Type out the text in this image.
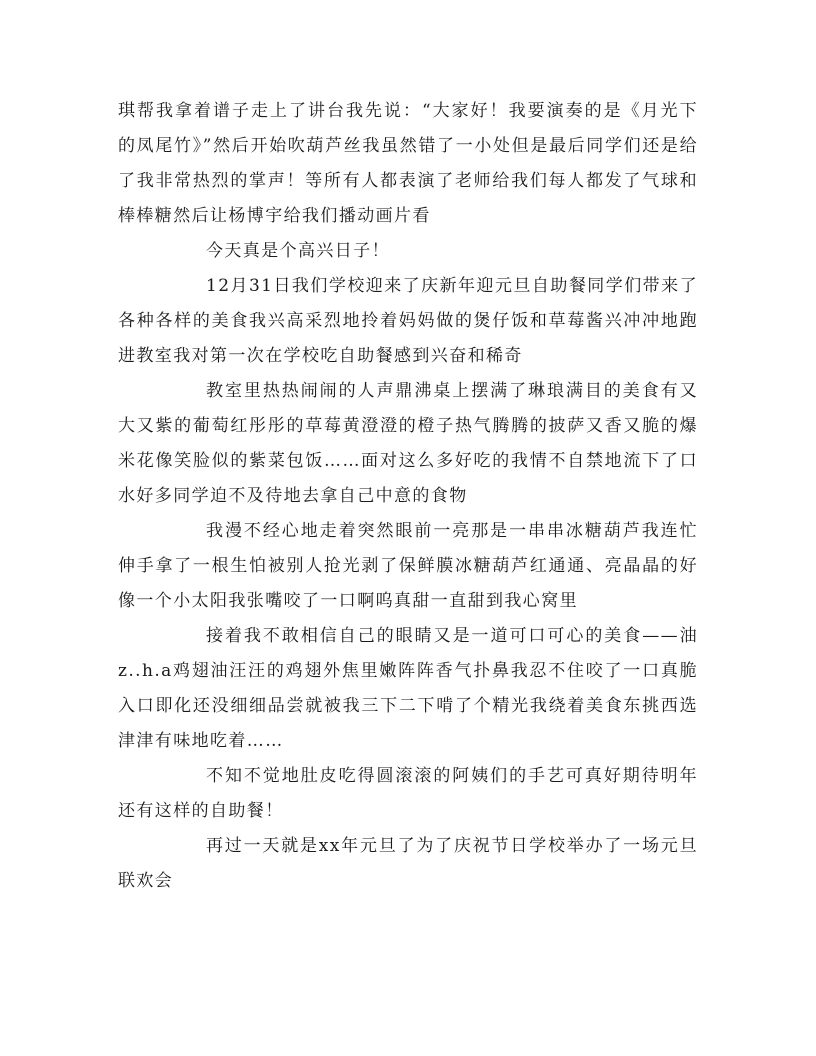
琪帮我拿着谱子走上了讲台我先说：“大家好！我要演奏的是《月光下的凤尾竹》”然后开始吹葫芦丝我虽然错了一小处但是最后同学们还是给了我非常热烈的掌声！等所有人都表演了老师给我们每人都发了气球和棒棒糖然后让杨博宇给我们播动画片看

今天真是个高兴日子！

12月31日我们学校迎来了庆新年迎元旦自助餐同学们带来了各种各样的美食我兴高采烈地拎着妈妈做的煲仔饭和草莓酱兴冲冲地跑进教室我对第一次在学校吃自助餐感到兴奋和稀奇

教室里热热闹闹的人声鼎沸桌上摆满了琳琅满目的美食有又大又紫的葡萄红彤彤的草莓黄澄澄的橙子热气腾腾的披萨又香又脆的爆米花像笑脸似的紫菜包饭……面对这么多好吃的我情不自禁地流下了口水好多同学迫不及待地去拿自己中意的食物

我漫不经心地走着突然眼前一亮那是一串串冰糖葫芦我连忙伸手拿了一根生怕被别人抢光剥了保鲜膜冰糖葫芦红通通、亮晶晶的好像一个小太阳我张嘴咬了一口啊呜真甜一直甜到我心窝里

接着我不敢相信自己的眼睛又是一道可口可心的美食——油z..h.a鸡翅油汪汪的鸡翅外焦里嫩阵阵香气扑鼻我忍不住咬了一口真脆入口即化还没细细品尝就被我三下二下啃了个精光我绕着美食东挑西选津津有味地吃着……

不知不觉地肚皮吃得圆滚滚的阿姨们的手艺可真好期待明年还有这样的自助餐！

再过一天就是xx年元旦了为了庆祝节日学校举办了一场元旦联欢会
